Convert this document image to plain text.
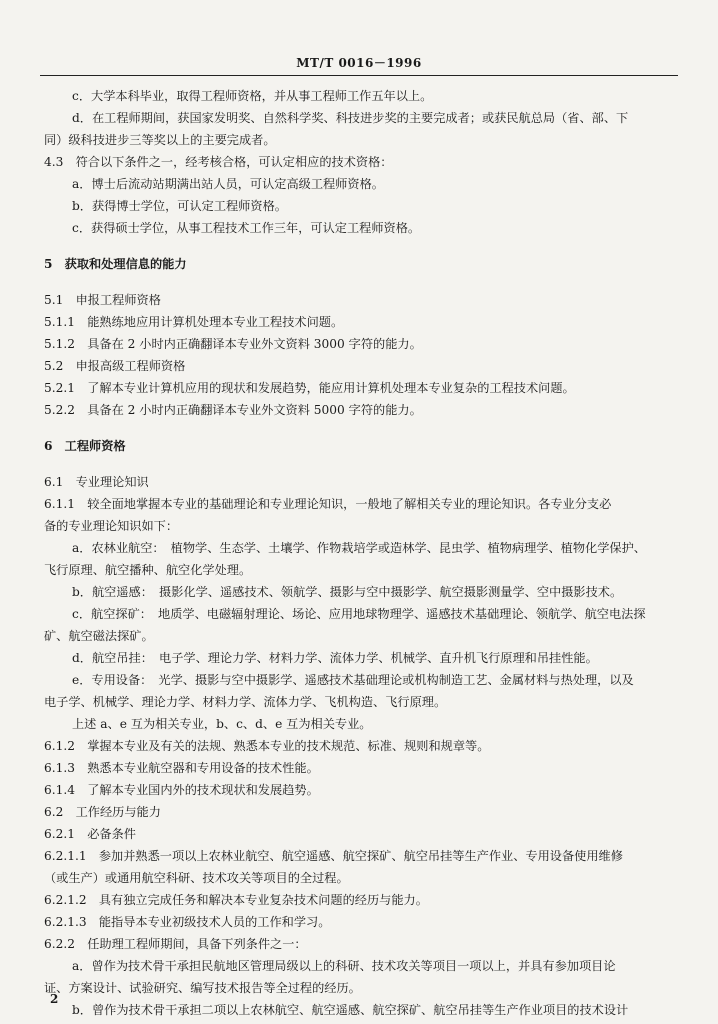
MT/T 0016－1996
c．大学本科毕业，取得工程师资格，并从事工程师工作五年以上。
d．在工程师期间，获国家发明奖、自然科学奖、科技进步奖的主要完成者；或获民航总局（省、部、下
同）级科技进步三等奖以上的主要完成者。
4.3　符合以下条件之一，经考核合格，可认定相应的技术资格：
a．博士后流动站期满出站人员，可认定高级工程师资格。
b．获得博士学位，可认定工程师资格。
c．获得硕士学位，从事工程技术工作三年，可认定工程师资格。
5　获取和处理信息的能力
5.1　申报工程师资格
5.1.1　能熟练地应用计算机处理本专业工程技术问题。
5.1.2　具备在 2 小时内正确翻译本专业外文资料 3000 字符的能力。
5.2　申报高级工程师资格
5.2.1　了解本专业计算机应用的现状和发展趋势，能应用计算机处理本专业复杂的工程技术问题。
5.2.2　具备在 2 小时内正确翻译本专业外文资料 5000 字符的能力。
6　工程师资格
6.1　专业理论知识
6.1.1　较全面地掌握本专业的基础理论和专业理论知识，一般地了解相关专业的理论知识。各专业分支必
备的专业理论知识如下：
a．农林业航空：　植物学、生态学、土壤学、作物栽培学或造林学、昆虫学、植物病理学、植物化学保护、
飞行原理、航空播种、航空化学处理。
b．航空遥感：　摄影化学、遥感技术、领航学、摄影与空中摄影学、航空摄影测量学、空中摄影技术。
c．航空探矿：　地质学、电磁辐射理论、场论、应用地球物理学、遥感技术基础理论、领航学、航空电法探
矿、航空磁法探矿。
d．航空吊挂：　电子学、理论力学、材料力学、流体力学、机械学、直升机飞行原理和吊挂性能。
e．专用设备：　光学、摄影与空中摄影学、遥感技术基础理论或机构制造工艺、金属材料与热处理，以及
电子学、机械学、理论力学、材料力学、流体力学、飞机构造、飞行原理。
上述 a、e 互为相关专业，b、c、d、e 互为相关专业。
6.1.2　掌握本专业及有关的法规、熟悉本专业的技术规范、标准、规则和规章等。
6.1.3　熟悉本专业航空器和专用设备的技术性能。
6.1.4　了解本专业国内外的技术现状和发展趋势。
6.2　工作经历与能力
6.2.1　必备条件
6.2.1.1　参加并熟悉一项以上农林业航空、航空遥感、航空探矿、航空吊挂等生产作业、专用设备使用维修
（或生产）或通用航空科研、技术攻关等项目的全过程。
6.2.1.2　具有独立完成任务和解决本专业复杂技术问题的经历与能力。
6.2.1.3　能指导本专业初级技术人员的工作和学习。
6.2.2　任助理工程师期间，具备下列条件之一：
a．曾作为技术骨干承担民航地区管理局级以上的科研、技术攻关等项目一项以上，并具有参加项目论
证、方案设计、试验研究、编写技术报告等全过程的经历。
b．曾作为技术骨干承担二项以上农林航空、航空遥感、航空探矿、航空吊挂等生产作业项目的技术设计
2
